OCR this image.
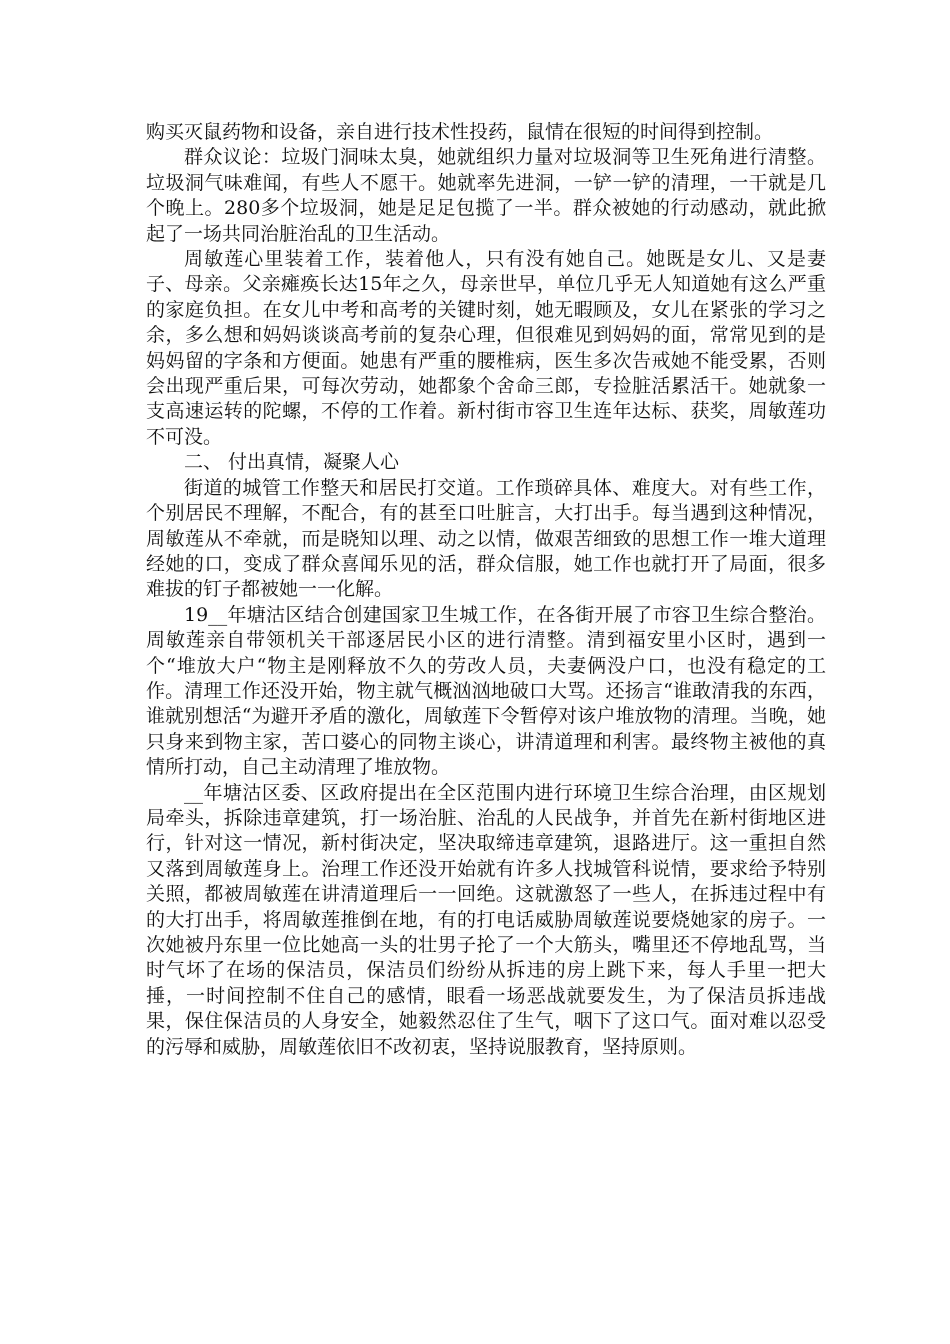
购买灭鼠药物和设备，亲自进行技术性投药，鼠情在很短的时间得到控制。

群众议论：垃圾门洞味太臭，她就组织力量对垃圾洞等卫生死角进行清整。垃圾洞气味难闻，有些人不愿干。她就率先进洞，一铲一铲的清理，一干就是几个晚上。280多个垃圾洞，她是足足包揽了一半。群众被她的行动感动，就此掀起了一场共同治脏治乱的卫生活动。

周敏莲心里装着工作，装着他人，只有没有她自己。她既是女儿、又是妻子、母亲。父亲瘫痪长达15年之久，母亲世早，单位几乎无人知道她有这么严重的家庭负担。在女儿中考和高考的关键时刻，她无暇顾及，女儿在紧张的学习之余，多么想和妈妈谈谈高考前的复杂心理，但很难见到妈妈的面，常常见到的是妈妈留的字条和方便面。她患有严重的腰椎病，医生多次告戒她不能受累，否则会出现严重后果，可每次劳动，她都象个舍命三郎，专捡脏活累活干。她就象一支高速运转的陀螺，不停的工作着。新村街市容卫生连年达标、获奖，周敏莲功不可没。

二、 付出真情，凝聚人心

街道的城管工作整天和居民打交道。工作琐碎具体、难度大。对有些工作，个别居民不理解，不配合，有的甚至口吐脏言，大打出手。每当遇到这种情况，周敏莲从不牵就，而是晓知以理、动之以情，做艰苦细致的思想工作一堆大道理经她的口，变成了群众喜闻乐见的活，群众信服，她工作也就打开了局面，很多难拔的钉子都被她一一化解。

19__年塘沽区结合创建国家卫生城工作，在各街开展了市容卫生综合整治。周敏莲亲自带领机关干部逐居民小区的进行清整。清到福安里小区时，遇到一个“堆放大户“物主是刚释放不久的劳改人员，夫妻俩没户口，也没有稳定的工作。清理工作还没开始，物主就气概汹汹地破口大骂。还扬言“谁敢清我的东西，谁就别想活“为避开矛盾的激化，周敏莲下令暂停对该户堆放物的清理。当晚，她只身来到物主家，苦口婆心的同物主谈心，讲清道理和利害。最终物主被他的真情所打动，自己主动清理了堆放物。

__年塘沽区委、区政府提出在全区范围内进行环境卫生综合治理，由区规划局牵头，拆除违章建筑，打一场治脏、治乱的人民战争，并首先在新村街地区进行，针对这一情况，新村街决定，坚决取缔违章建筑，退路进厅。这一重担自然又落到周敏莲身上。治理工作还没开始就有许多人找城管科说情，要求给予特别关照，都被周敏莲在讲清道理后一一回绝。这就激怒了一些人，在拆违过程中有的大打出手，将周敏莲推倒在地，有的打电话威胁周敏莲说要烧她家的房子。一次她被丹东里一位比她高一头的壮男子抡了一个大筋头，嘴里还不停地乱骂，当时气坏了在场的保洁员，保洁员们纷纷从拆违的房上跳下来，每人手里一把大捶，一时间控制不住自己的感情，眼看一场恶战就要发生，为了保洁员拆违战果，保住保洁员的人身安全，她毅然忍住了生气，咽下了这口气。面对难以忍受的污辱和威胁，周敏莲依旧不改初衷，坚持说服教育，坚持原则。
